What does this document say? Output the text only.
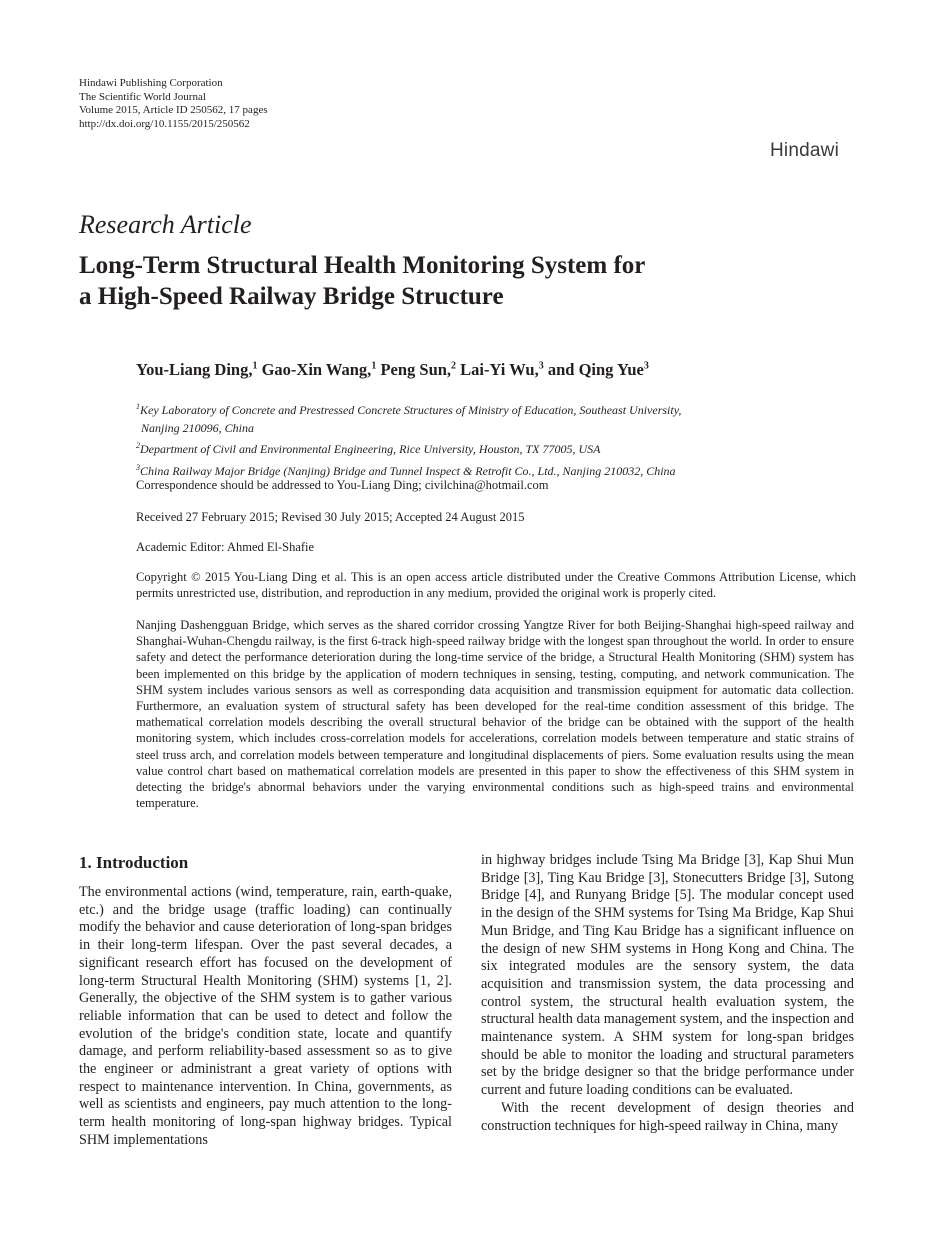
Hindawi Publishing Corporation
The Scientific World Journal
Volume 2015, Article ID 250562, 17 pages
http://dx.doi.org/10.1155/2015/250562
Hindawi
Research Article
Long-Term Structural Health Monitoring System for
a High-Speed Railway Bridge Structure
You-Liang Ding,$^1$ Gao-Xin Wang,$^1$ Peng Sun,$^2$ Lai-Yi Wu,$^3$ and Qing Yue$^3$
$^1$Key Laboratory of Concrete and Prestressed Concrete Structures of Ministry of Education, Southeast University,
Nanjing 210096, China
$^2$Department of Civil and Environmental Engineering, Rice University, Houston, TX 77005, USA
$^3$China Railway Major Bridge (Nanjing) Bridge and Tunnel Inspect & Retrofit Co., Ltd., Nanjing 210032, China
Correspondence should be addressed to You-Liang Ding; civilchina@hotmail.com
Received 27 February 2015; Revised 30 July 2015; Accepted 24 August 2015
Academic Editor: Ahmed El-Shafie
Copyright © 2015 You-Liang Ding et al. This is an open access article distributed under the Creative Commons Attribution License, which permits unrestricted use, distribution, and reproduction in any medium, provided the original work is properly cited.
Nanjing Dashengguan Bridge, which serves as the shared corridor crossing Yangtze River for both Beijing-Shanghai high-speed railway and Shanghai-Wuhan-Chengdu railway, is the first 6-track high-speed railway bridge with the longest span throughout the world. In order to ensure safety and detect the performance deterioration during the long-time service of the bridge, a Structural Health Monitoring (SHM) system has been implemented on this bridge by the application of modern techniques in sensing, testing, computing, and network communication. The SHM system includes various sensors as well as corresponding data acquisition and transmission equipment for automatic data collection. Furthermore, an evaluation system of structural safety has been developed for the real-time condition assessment of this bridge. The mathematical correlation models describing the overall structural behavior of the bridge can be obtained with the support of the health monitoring system, which includes cross-correlation models for accelerations, correlation models between temperature and static strains of steel truss arch, and correlation models between temperature and longitudinal displacements of piers. Some evaluation results using the mean value control chart based on mathematical correlation models are presented in this paper to show the effectiveness of this SHM system in detecting the bridge's abnormal behaviors under the varying environmental conditions such as high-speed trains and environmental temperature.
1. Introduction

The environmental actions (wind, temperature, rain, earth-quake, etc.) and the bridge usage (traffic loading) can continually modify the behavior and cause deterioration of long-span bridges in their long-term lifespan. Over the past several decades, a significant research effort has focused on the development of long-term Structural Health Monitoring (SHM) systems [1, 2]. Generally, the objective of the SHM system is to gather various reliable information that can be used to detect and follow the evolution of the bridge's condition state, locate and quantify damage, and perform reliability-based assessment so as to give the engineer or administrant a great variety of options with respect to maintenance intervention. In China, governments, as well as scientists and engineers, pay much attention to the long-term health monitoring of long-span highway bridges. Typical SHM implementations

in highway bridges include Tsing Ma Bridge [3], Kap Shui Mun Bridge [3], Ting Kau Bridge [3], Stonecutters Bridge [3], Sutong Bridge [4], and Runyang Bridge [5]. The modular concept used in the design of the SHM systems for Tsing Ma Bridge, Kap Shui Mun Bridge, and Ting Kau Bridge has a significant influence on the design of new SHM systems in Hong Kong and China. The six integrated modules are the sensory system, the data acquisition and transmission system, the data processing and control system, the structural health evaluation system, the structural health data management system, and the inspection and maintenance system. A SHM system for long-span bridges should be able to monitor the loading and structural parameters set by the bridge designer so that the bridge performance under current and future loading conditions can be evaluated.

With the recent development of design theories and construction techniques for high-speed railway in China, many
